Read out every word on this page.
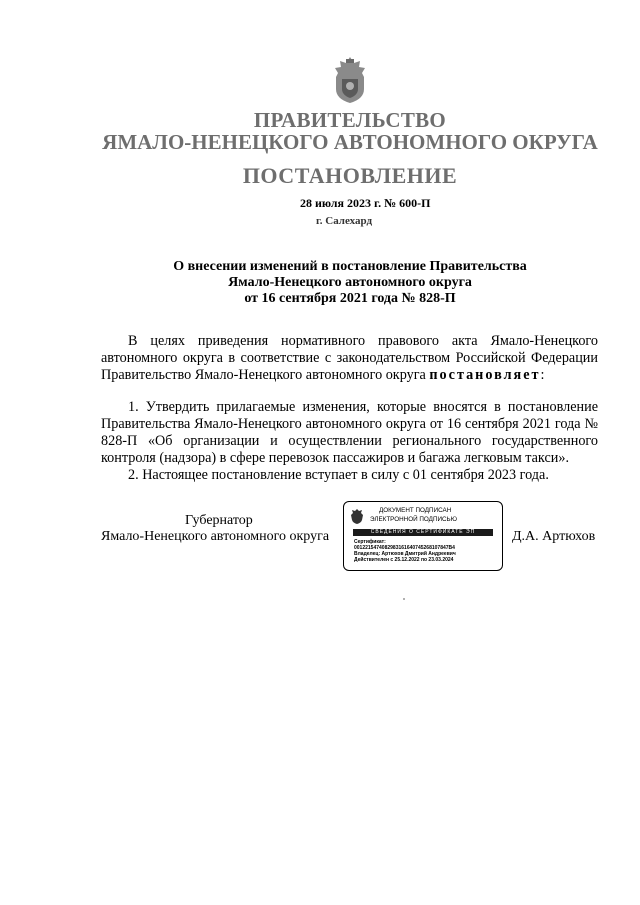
ПРАВИТЕЛЬСТВО
ЯМАЛО-НЕНЕЦКОГО АВТОНОМНОГО ОКРУГА
ПОСТАНОВЛЕНИЕ
28 июля 2023 г. № 600-П
г. Салехард
О внесении изменений в постановление Правительства
Ямало-Ненецкого автономного округа
от 16 сентября 2021 года № 828-П

В целях приведения нормативного правового акта Ямало-Ненецкого автономного округа в соответствие с законодательством Российской Федерации Правительство Ямало-Ненецкого автономного округа постановляет:

1. Утвердить прилагаемые изменения, которые вносятся в постановление Правительства Ямало-Ненецкого автономного округа от 16 сентября 2021 года № 828-П «Об организации и осуществлении регионального государственного контроля (надзора) в сфере перевозок пассажиров и багажа легковым такси».

2. Настоящее постановление вступает в силу с 01 сентября 2023 года.

Губернатор
Ямало-Ненецкого автономного округа
ДОКУМЕНТ ПОДПИСАН
ЭЛЕКТРОННОЙ ПОДПИСЬЮ
СВЕДЕНИЯ О СЕРТИФИКАТЕ ЭП
Сертификат:
0012215474082983161640745268107847В4
Владелец: Артюхов Дмитрий Андреевич
Действителен с 25.12.2022 по 23.03.2024
Д.А. Артюхов
